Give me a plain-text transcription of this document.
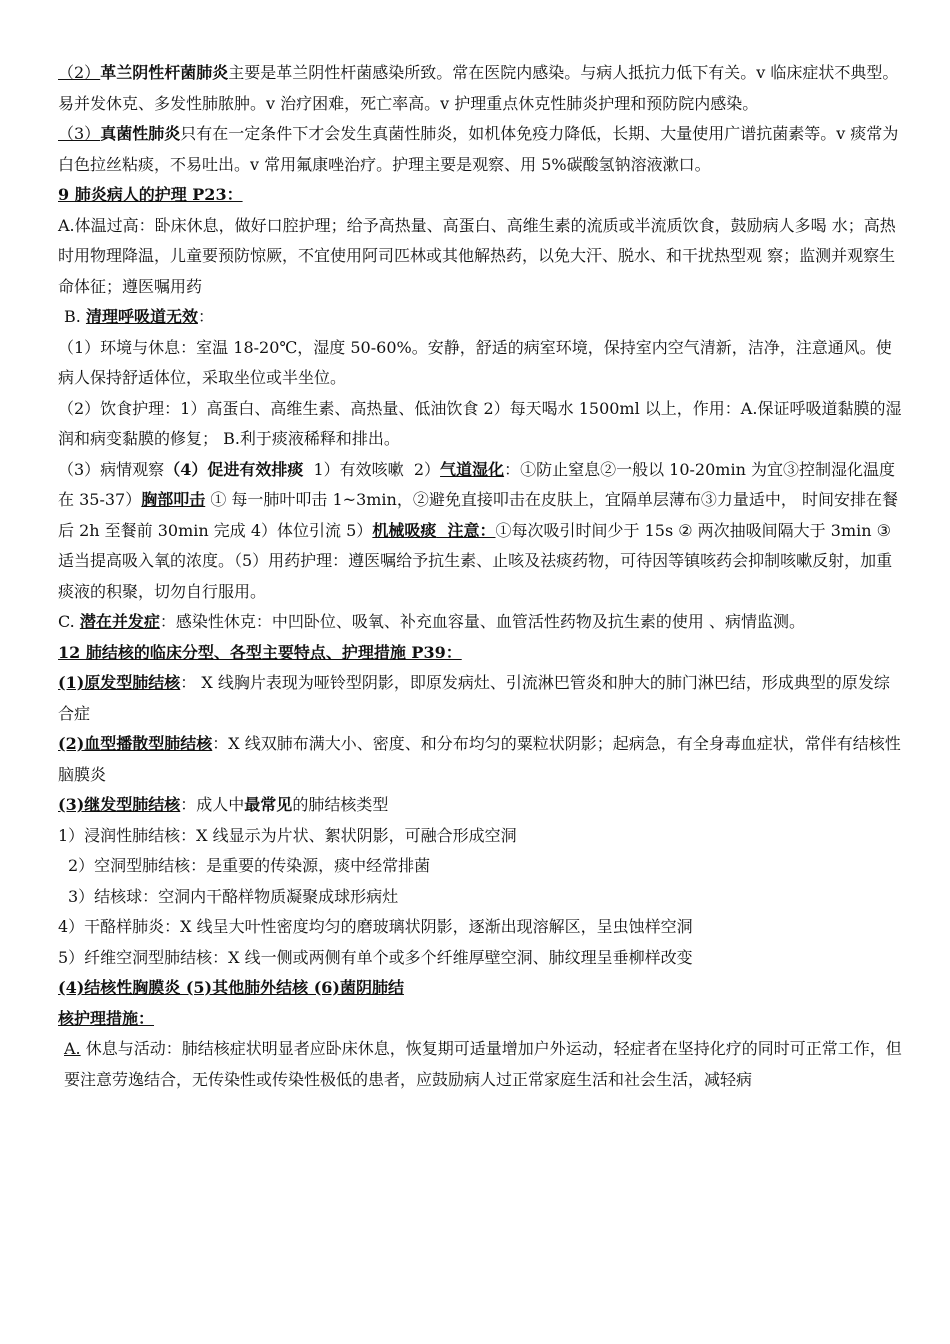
（2）革兰阴性杆菌肺炎主要是革兰阴性杆菌感染所致。常在医院内感染。与病人抵抗力低下有关。v 临床症状不典型。易并发休克、多发性肺脓肿。v 治疗困难，死亡率高。v 护理重点休克性肺炎护理和预防院内感染。

（3）真菌性肺炎只有在一定条件下才会发生真菌性肺炎，如机体免疫力降低，长期、大量使用广谱抗菌素等。v 痰常为白色拉丝粘痰，不易吐出。v 常用氟康唑治疗。护理主要是观察、用 5%碳酸氢钠溶液漱口。

9 肺炎病人的护理 P23：

A.体温过高：卧床休息，做好口腔护理；给予高热量、高蛋白、高维生素的流质或半流质饮食，鼓励病人多喝 水；高热时用物理降温，儿童要预防惊厥，不宜使用阿司匹林或其他解热药，以免大汗、脱水、和干扰热型观 察；监测并观察生命体征；遵医嘱用药

B. 清理呼吸道无效：

（1）环境与休息：室温 18-20℃，湿度 50-60%。安静，舒适的病室环境，保持室内空气清新，洁净，注意通风。使病人保持舒适体位，采取坐位或半坐位。

（2）饮食护理：1）高蛋白、高维生素、高热量、低油饮食 2）每天喝水 1500ml 以上，作用：A.保证呼吸道黏膜的湿润和病变黏膜的修复； B.利于痰液稀释和排出。

（3）病情观察（4）促进有效排痰  1）有效咳嗽  2）气道湿化：①防止窒息②一般以 10-20min 为宜③控制湿化温度在 35-37）胸部叩击 ① 每一肺叶叩击 1~3min，②避免直接叩击在皮肤上，宜隔单层薄布③力量适中， 时间安排在餐后 2h 至餐前 30min 完成 4）体位引流 5）机械吸痰 注意：①每次吸引时间少于 15s ② 两次抽吸间隔大于 3min ③ 适当提高吸入氧的浓度。（5）用药护理：遵医嘱给予抗生素、止咳及祛痰药物，可待因等镇咳药会抑制咳嗽反射，加重痰液的积聚，切勿自行服用。

C. 潜在并发症：感染性休克：中凹卧位、吸氧、补充血容量、血管活性药物及抗生素的使用 、病情监测。

12 肺结核的临床分型、各型主要特点、护理措施 P39：

(1)原发型肺结核： X 线胸片表现为哑铃型阴影，即原发病灶、引流淋巴管炎和肿大的肺门淋巴结，形成典型的原发综合症

(2)血型播散型肺结核：X 线双肺布满大小、密度、和分布均匀的粟粒状阴影；起病急，有全身毒血症状，常伴有结核性脑膜炎

(3)继发型肺结核：成人中最常见的肺结核类型

1）浸润性肺结核：X 线显示为片状、絮状阴影，可融合形成空洞

2）空洞型肺结核：是重要的传染源，痰中经常排菌

3）结核球：空洞内干酪样物质凝聚成球形病灶

4）干酪样肺炎：X 线呈大叶性密度均匀的磨玻璃状阴影，逐渐出现溶解区，呈虫蚀样空洞

5）纤维空洞型肺结核：X 线一侧或两侧有单个或多个纤维厚壁空洞、肺纹理呈垂柳样改变

(4)结核性胸膜炎 (5)其他肺外结核 (6)菌阴肺结

核护理措施：

A. 休息与活动：肺结核症状明显者应卧床休息，恢复期可适量增加户外运动，轻症者在坚持化疗的同时可正常工作，但要注意劳逸结合，无传染性或传染性极低的患者，应鼓励病人过正常家庭生活和社会生活，减轻病
